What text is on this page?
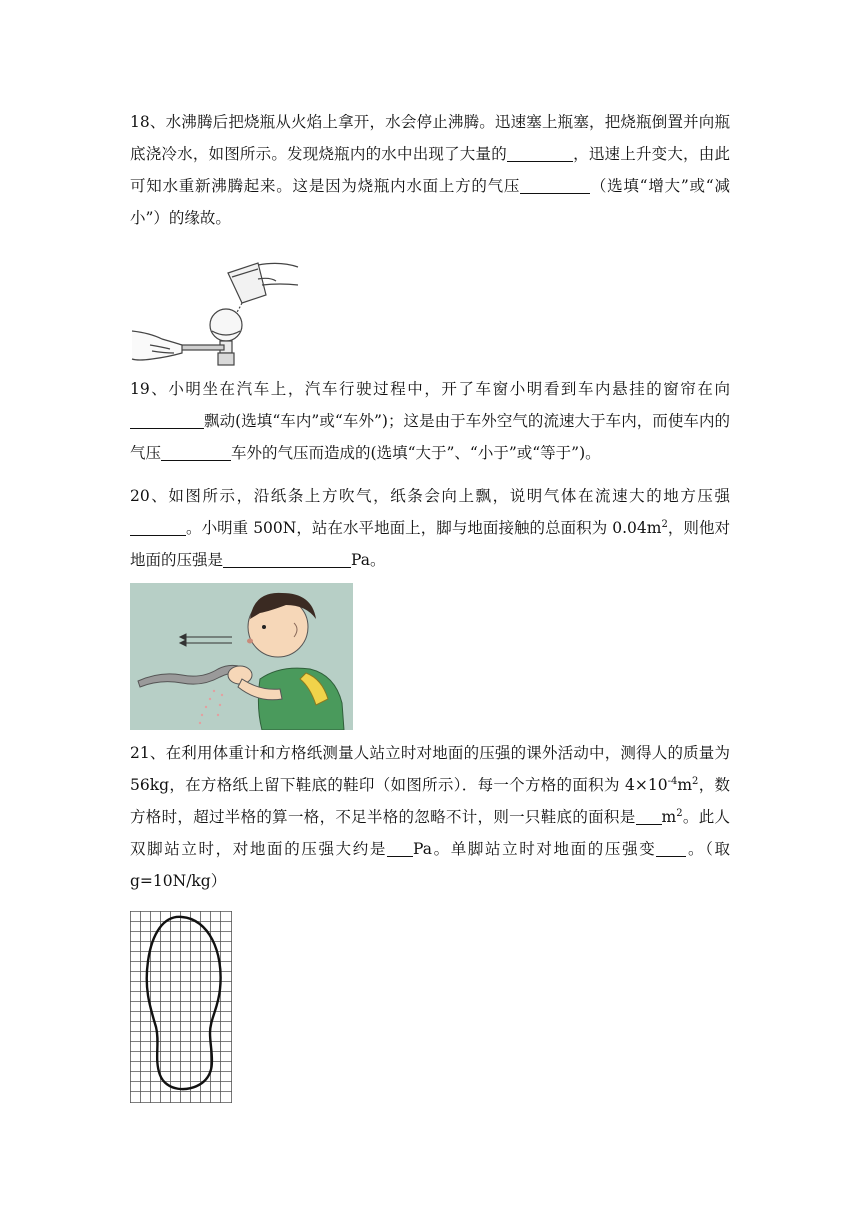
18、水沸腾后把烧瓶从火焰上拿开，水会停止沸腾。迅速塞上瓶塞，把烧瓶倒置并向瓶底浇冷水，如图所示。发现烧瓶内的水中出现了大量的	，迅速上升变大，由此可知水重新沸腾起来。这是因为烧瓶内水面上方的气压	（选填“增大”或“减小”）的缘故。

19、小明坐在汽车上，汽车行驶过程中，开了车窗小明看到车内悬挂的窗帘在向飘动(选填“车内”或“车外”)；这是由于车外空气的流速大于车内，而使车内的气压	车外的气压而造成的(选填“大于”、“小于”或“等于”)。

20、如图所示，沿纸条上方吹气，纸条会向上飘，说明气体在流速大的地方压强。小明重 500N，站在水平地面上，脚与地面接触的总面积为 $0.04m^2$，则他对地面的压强是	Pa。

21、在利用体重计和方格纸测量人站立时对地面的压强的课外活动中，测得人的质量为 56kg，在方格纸上留下鞋底的鞋印（如图所示）．每一个方格的面积为 $4\times 10^{-4}m^2$，数方格时，超过半格的算一格，不足半格的忽略不计，则一只鞋底的面积是 $m^2$。此人双脚站立时，对地面的压强大约是 Pa。单脚站立时对地面的压强变 。（取 g=10N/kg）
